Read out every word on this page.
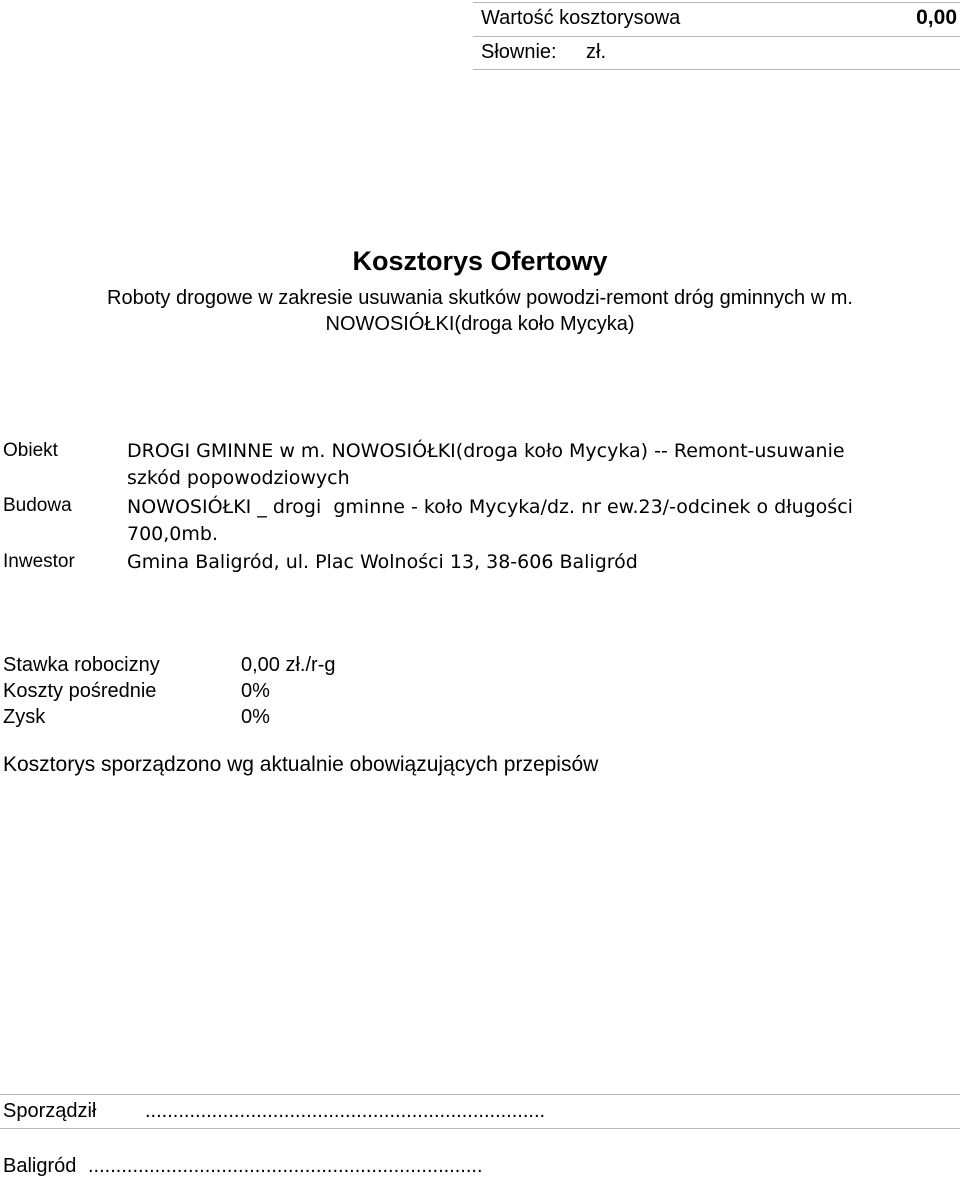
Wartość kosztorysowa	0,00
Słownie: zł.
Kosztorys Ofertowy
Roboty drogowe w zakresie usuwania skutków powodzi-remont dróg gminnych w m.
NOWOSIÓŁKI(droga koło Mycyka)
Obiekt	DROGI GMINNE w m. NOWOSIÓŁKI(droga koło Mycyka) -- Remont-usuwanie
szkód popowodziowych
Budowa	NOWOSIÓŁKI _ drogi  gminne - koło Mycyka/dz. nr ew.23/-odcinek o długości
700,0mb.
Inwestor	Gmina Baligród, ul. Plac Wolności 13, 38-606 Baligród
Stawka robocizny	0,00 zł./r-g
Koszty pośrednie	0%
Zysk	0%
Kosztorys sporządzono wg aktualnie obowiązujących przepisów
Sporządził ........................................................................
Baligród .......................................................................
